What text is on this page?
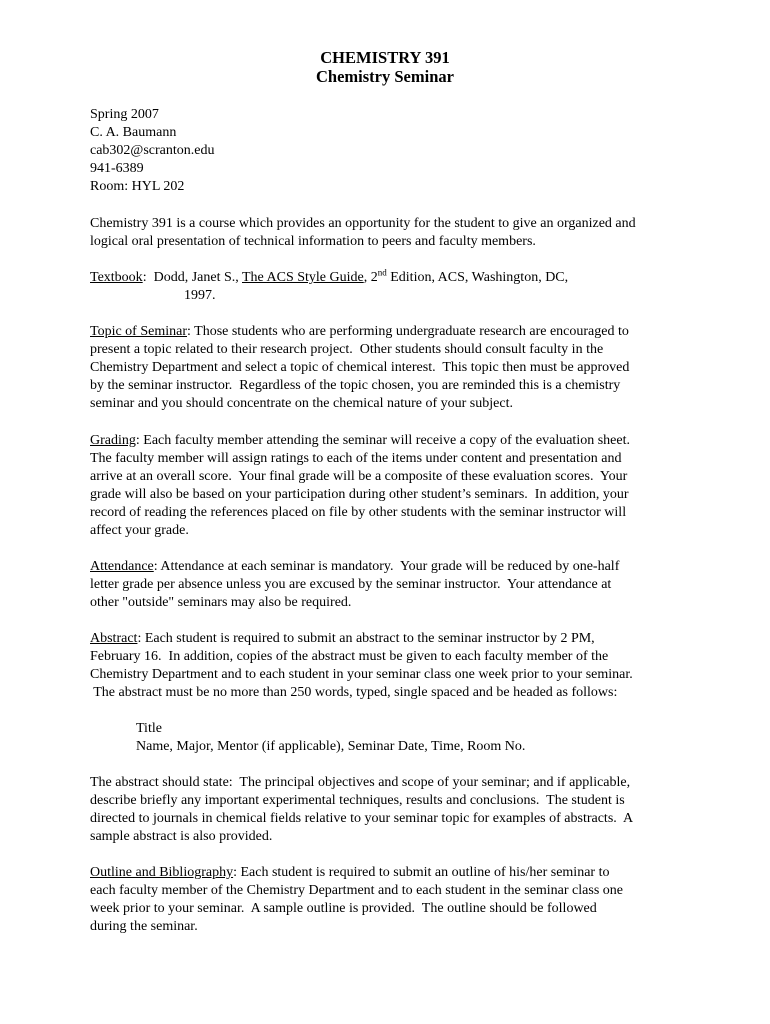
CHEMISTRY 391
Chemistry Seminar
Spring 2007
C. A. Baumann
cab302@scranton.edu
941-6389
Room: HYL 202
Chemistry 391 is a course which provides an opportunity for the student to give an organized and
logical oral presentation of technical information to peers and faculty members.
Textbook:  Dodd, Janet S., The ACS Style Guide, 2nd Edition, ACS, Washington, DC,
1997.
Topic of Seminar: Those students who are performing undergraduate research are encouraged to
present a topic related to their research project.  Other students should consult faculty in the
Chemistry Department and select a topic of chemical interest.  This topic then must be approved
by the seminar instructor.  Regardless of the topic chosen, you are reminded this is a chemistry
seminar and you should concentrate on the chemical nature of your subject.
Grading: Each faculty member attending the seminar will receive a copy of the evaluation sheet.
The faculty member will assign ratings to each of the items under content and presentation and
arrive at an overall score.  Your final grade will be a composite of these evaluation scores.  Your
grade will also be based on your participation during other student’s seminars.  In addition, your
record of reading the references placed on file by other students with the seminar instructor will
affect your grade.
Attendance: Attendance at each seminar is mandatory.  Your grade will be reduced by one-half
letter grade per absence unless you are excused by the seminar instructor.  Your attendance at
other "outside" seminars may also be required.
Abstract: Each student is required to submit an abstract to the seminar instructor by 2 PM,
February 16.  In addition, copies of the abstract must be given to each faculty member of the
Chemistry Department and to each student in your seminar class one week prior to your seminar.
The abstract must be no more than 250 words, typed, single spaced and be headed as follows:
Title
Name, Major, Mentor (if applicable), Seminar Date, Time, Room No.
The abstract should state:  The principal objectives and scope of your seminar; and if applicable,
describe briefly any important experimental techniques, results and conclusions.  The student is
directed to journals in chemical fields relative to your seminar topic for examples of abstracts.  A
sample abstract is also provided.
Outline and Bibliography: Each student is required to submit an outline of his/her seminar to
each faculty member of the Chemistry Department and to each student in the seminar class one
week prior to your seminar.  A sample outline is provided.  The outline should be followed
during the seminar.
